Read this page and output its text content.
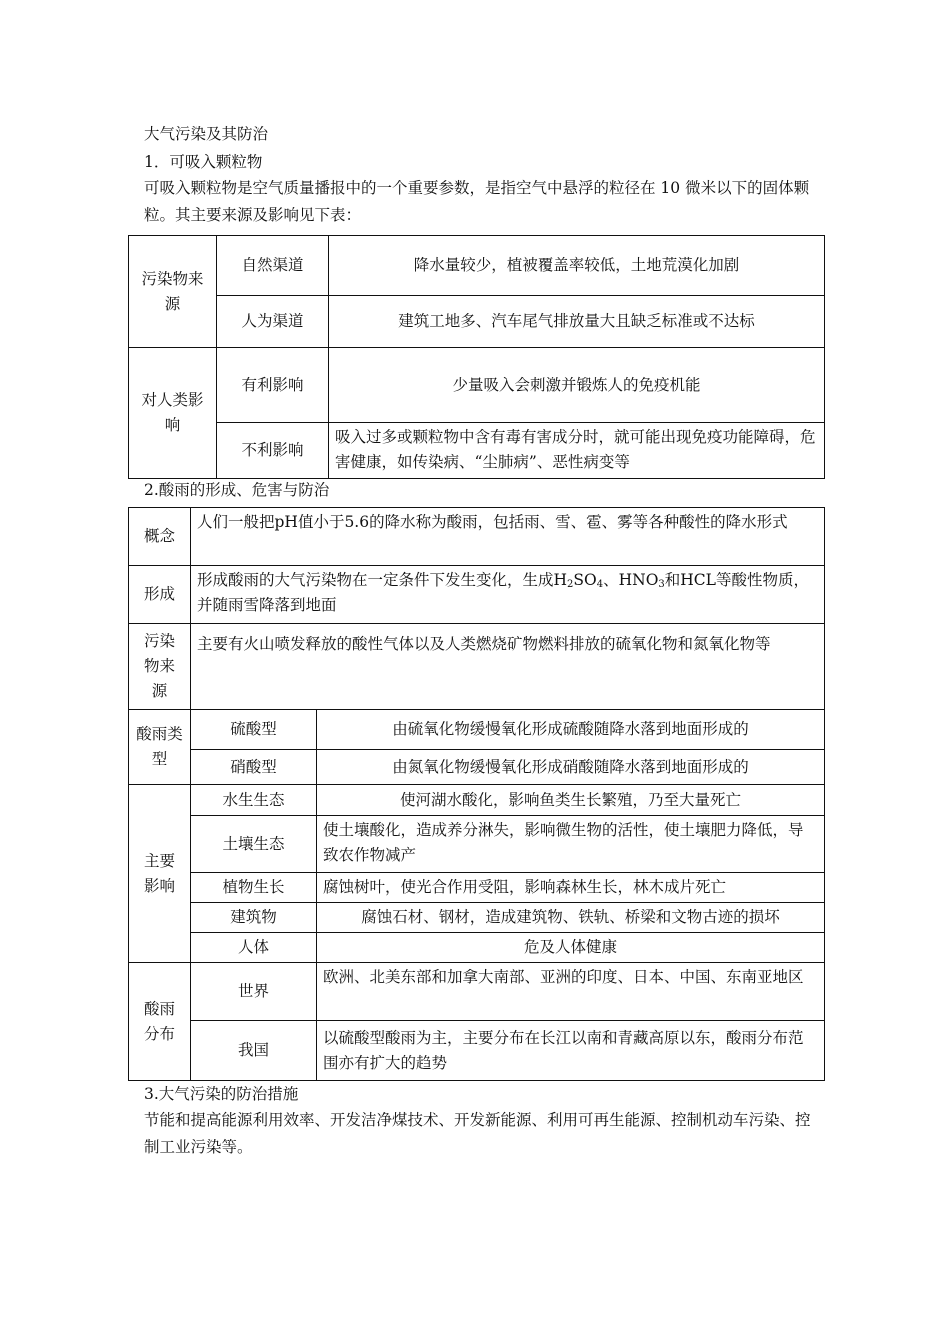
大气污染及其防治
1．可吸入颗粒物
可吸入颗粒物是空气质量播报中的一个重要参数，是指空气中悬浮的粒径在 10 微米以下的固体颗粒。其主要来源及影响见下表：
污染物来源	自然渠道	降水量较少，植被覆盖率较低，土地荒漠化加剧
	人为渠道	建筑工地多、汽车尾气排放量大且缺乏标准或不达标
对人类影响	有利影响	少量吸入会刺激并锻炼人的免疫机能
	不利影响	吸入过多或颗粒物中含有毒有害成分时，就可能出现免疫功能障碍，危害健康，如传染病、“尘肺病”、恶性病变等
2.酸雨的形成、危害与防治
概念	人们一般把pH值小于5.6的降水称为酸雨，包括雨、雪、雹、雾等各种酸性的降水形式	
形成	形成酸雨的大气污染物在一定条件下发生变化，生成$H_2SO_4$、$HNO_3$和HCL等酸性物质，并随雨雪降落到地面	
污染物来源	主要有火山喷发释放的酸性气体以及人类燃烧矿物燃料排放的硫氧化物和氮氧化物等	
酸雨类型	硫酸型	由硫氧化物缓慢氧化形成硫酸随降水落到地面形成的
	硝酸型	由氮氧化物缓慢氧化形成硝酸随降水落到地面形成的
主要影响	水生生态	使河湖水酸化，影响鱼类生长繁殖，乃至大量死亡
	土壤生态	使土壤酸化，造成养分淋失，影响微生物的活性，使土壤肥力降低，导致农作物减产
	植物生长	腐蚀树叶，使光合作用受阻，影响森林生长，林木成片死亡
	建筑物	腐蚀石材、钢材，造成建筑物、铁轨、桥梁和文物古迹的损坏
	人体	危及人体健康
酸雨分布	世界	欧洲、北美东部和加拿大南部、亚洲的印度、日本、中国、东南亚地区
	我国	以硫酸型酸雨为主，主要分布在长江以南和青藏高原以东，酸雨分布范围亦有扩大的趋势
3.大气污染的防治措施
节能和提高能源利用效率、开发洁净煤技术、开发新能源、利用可再生能源、控制机动车污染、控制工业污染等。
